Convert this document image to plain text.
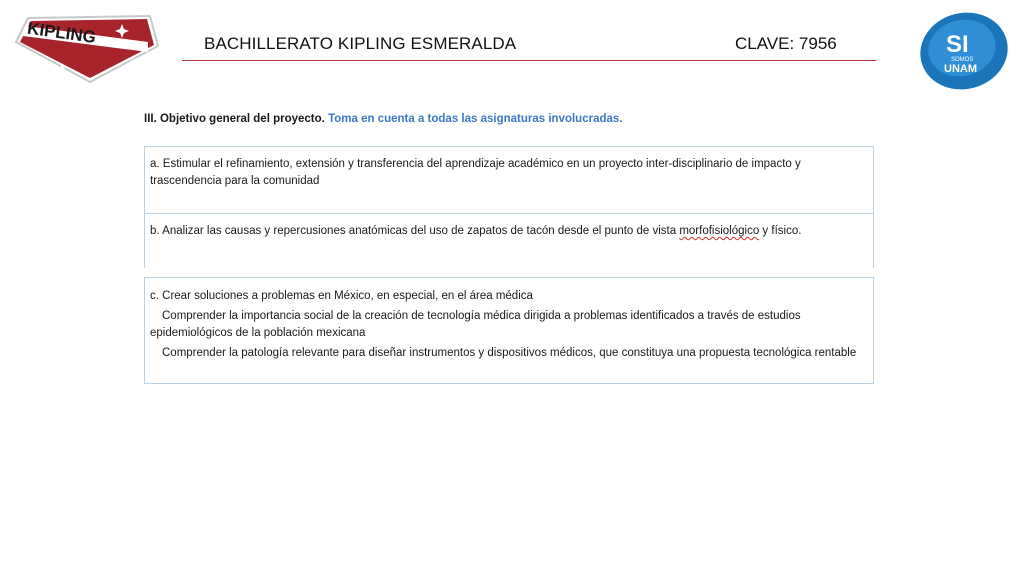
KIPLING
SM
BACHILLERATO KIPLING ESMERALDA	CLAVE: 7956	SI
SOMOS
UNAM
III. Objetivo general del proyecto. Toma en cuenta a todas las asignaturas involucradas.
a. Estimular el refinamiento, extensión y transferencia del aprendizaje académico en un proyecto inter-disciplinario de impacto y trascendencia para la comunidad
b. Analizar las causas y repercusiones anatómicas del uso de zapatos de tacón desde el punto de vista morfofisiológico y físico.
c. Crear soluciones a problemas en México, en especial, en el área médica
Comprender la importancia social de la creación de tecnología médica dirigida a problemas identificados a través de estudios epidemiológicos de la población mexicana
Comprender la patología relevante para diseñar instrumentos y dispositivos médicos, que constituya una propuesta tecnológica rentable
